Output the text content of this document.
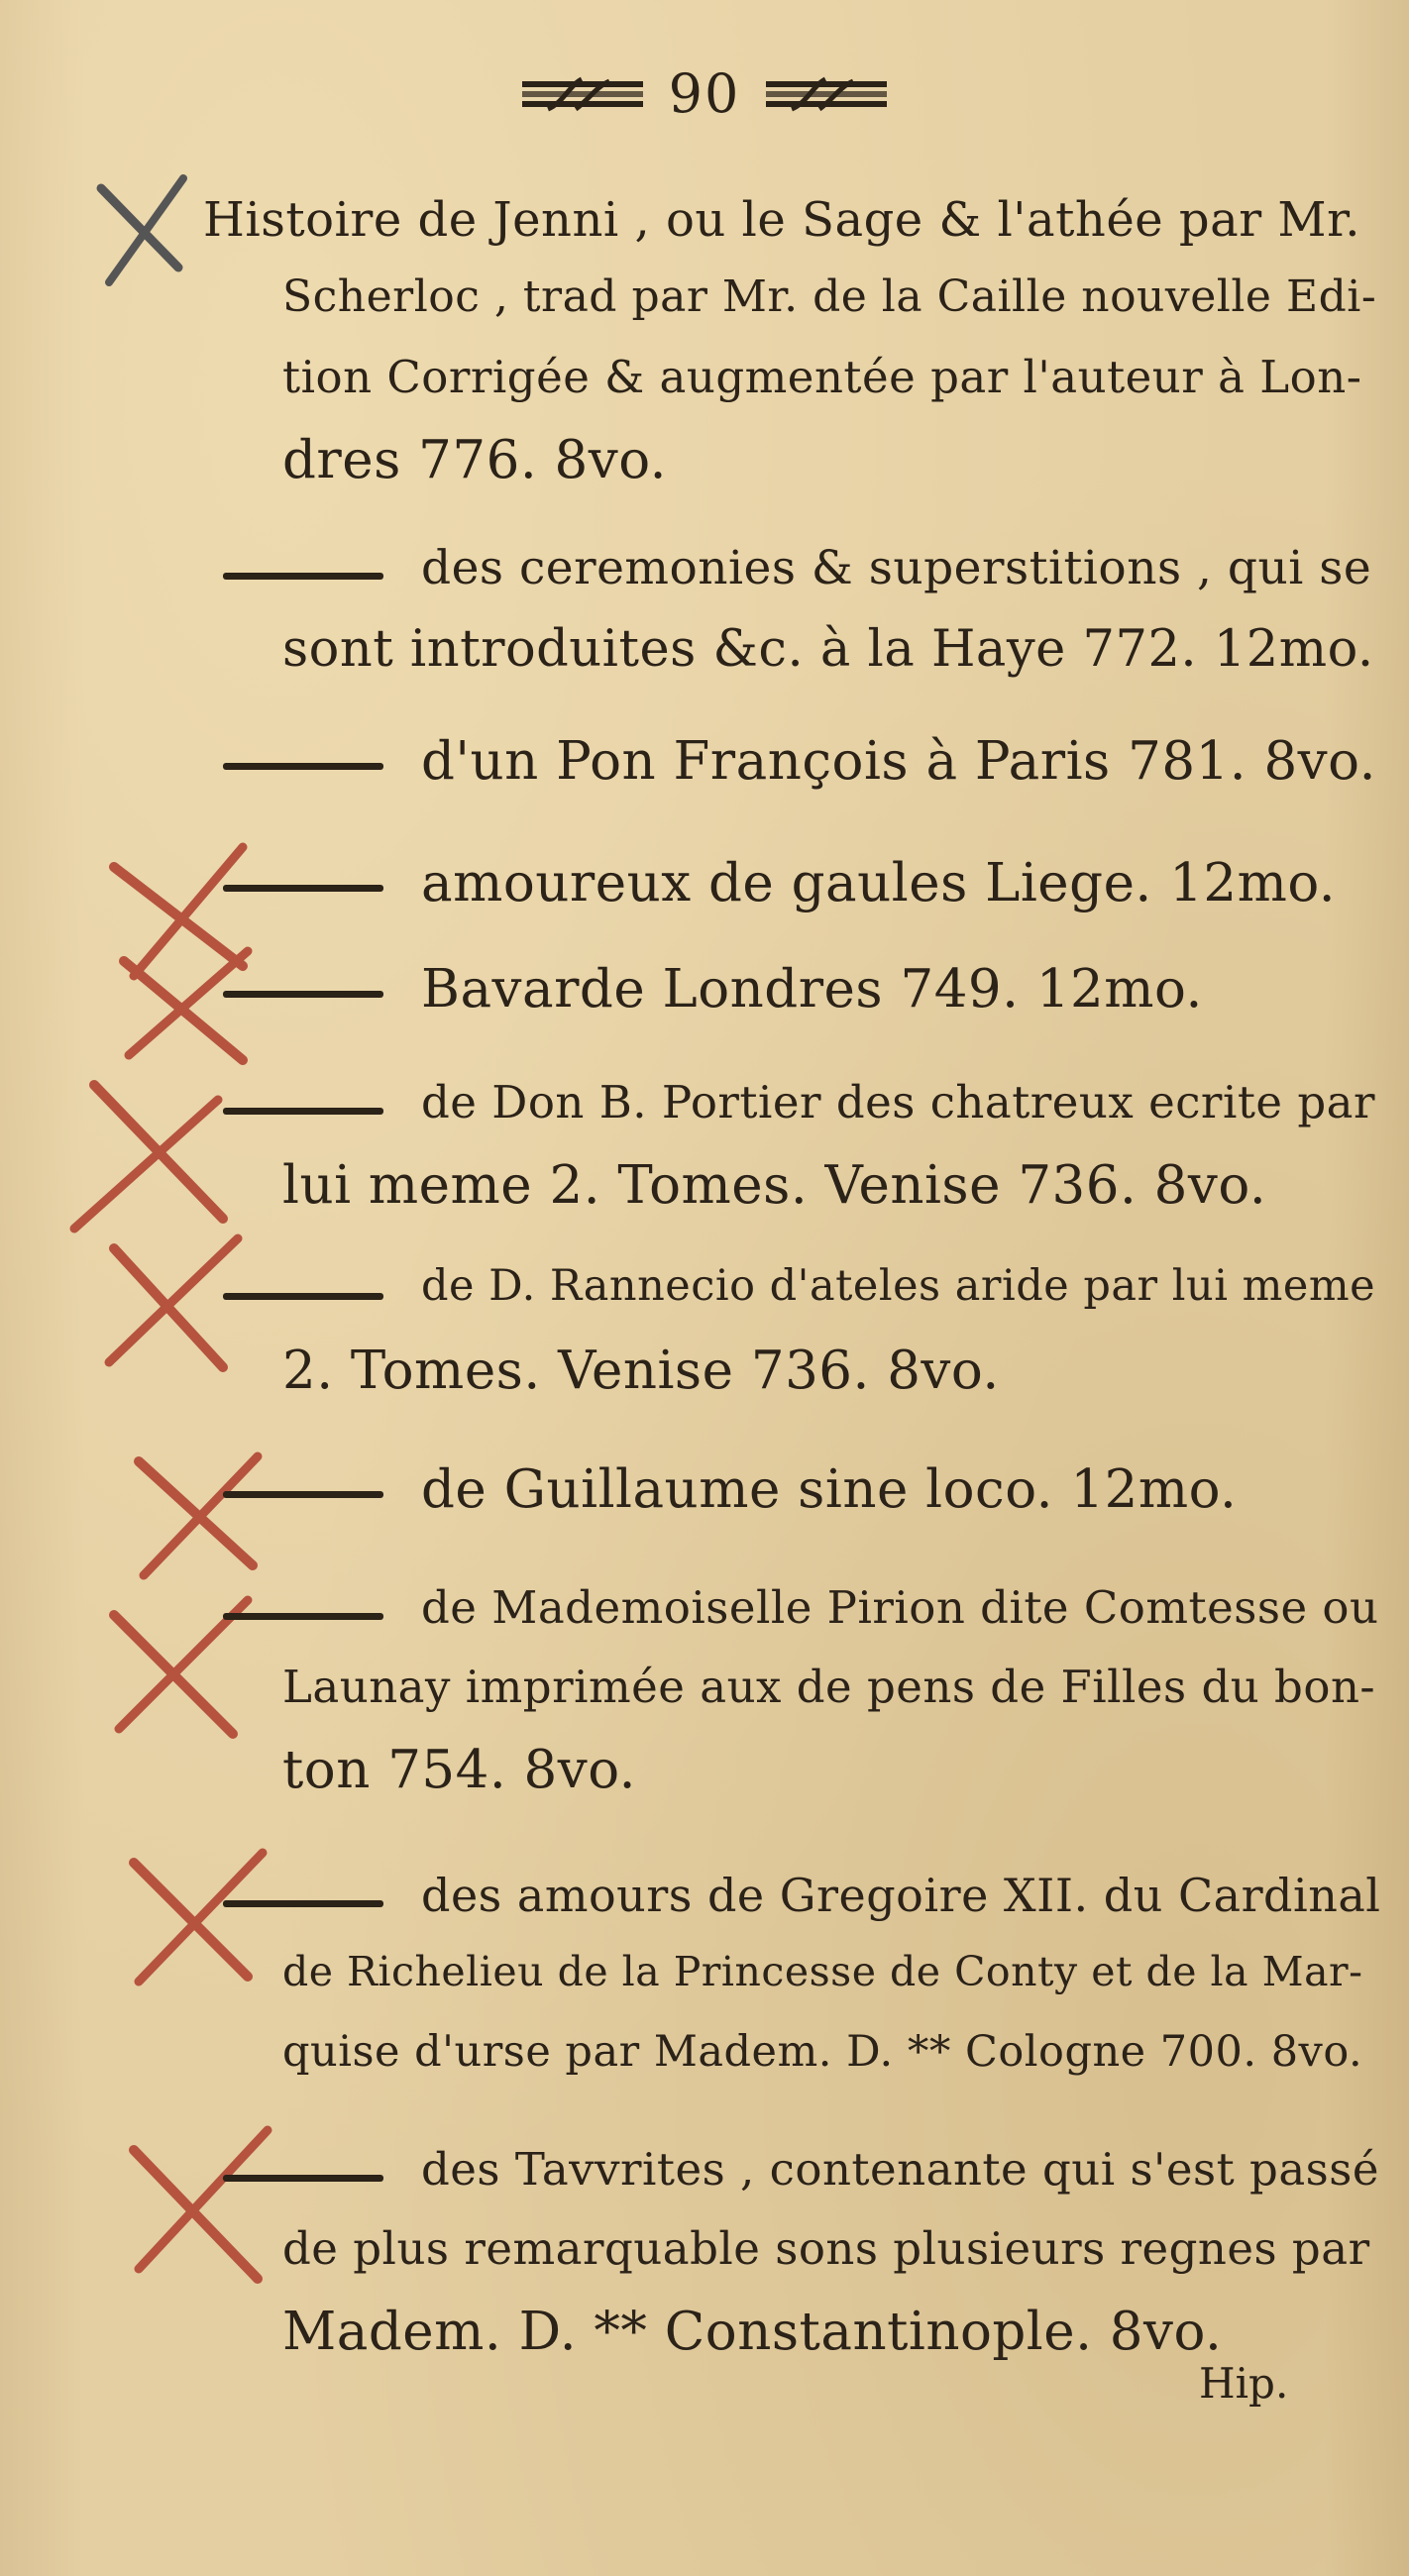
90
Histoire de Jenni , ou le Sage & l'athée par Mr.
Scherloc , trad par Mr. de la Caille nouvelle Edi-
tion Corrigée & augmentée par l'auteur à Lon-
dres 776. 8vo.
des ceremonies & superstitions , qui se
sont introduites &c. à la Haye 772. 12mo.
d'un Pon François à Paris 781. 8vo.
amoureux de gaules Liege. 12mo.
Bavarde Londres 749. 12mo.
de Don B. Portier des chatreux ecrite par
lui meme 2. Tomes. Venise 736. 8vo.
de D. Rannecio d'ateles aride par lui meme
2. Tomes. Venise 736. 8vo.
de Guillaume sine loco. 12mo.
de Mademoiselle Pirion dite Comtesse ou
Launay imprimée aux de pens de Filles du bon-
ton 754. 8vo.
des amours de Gregoire XII. du Cardinal
de Richelieu de la Princesse de Conty et de la Mar-
quise d'urse par Madem. D. ** Cologne 700. 8vo.
des Tavvrites , contenante qui s'est passé
de plus remarquable sons plusieurs regnes par
Madem. D. ** Constantinople. 8vo.
Hip.
